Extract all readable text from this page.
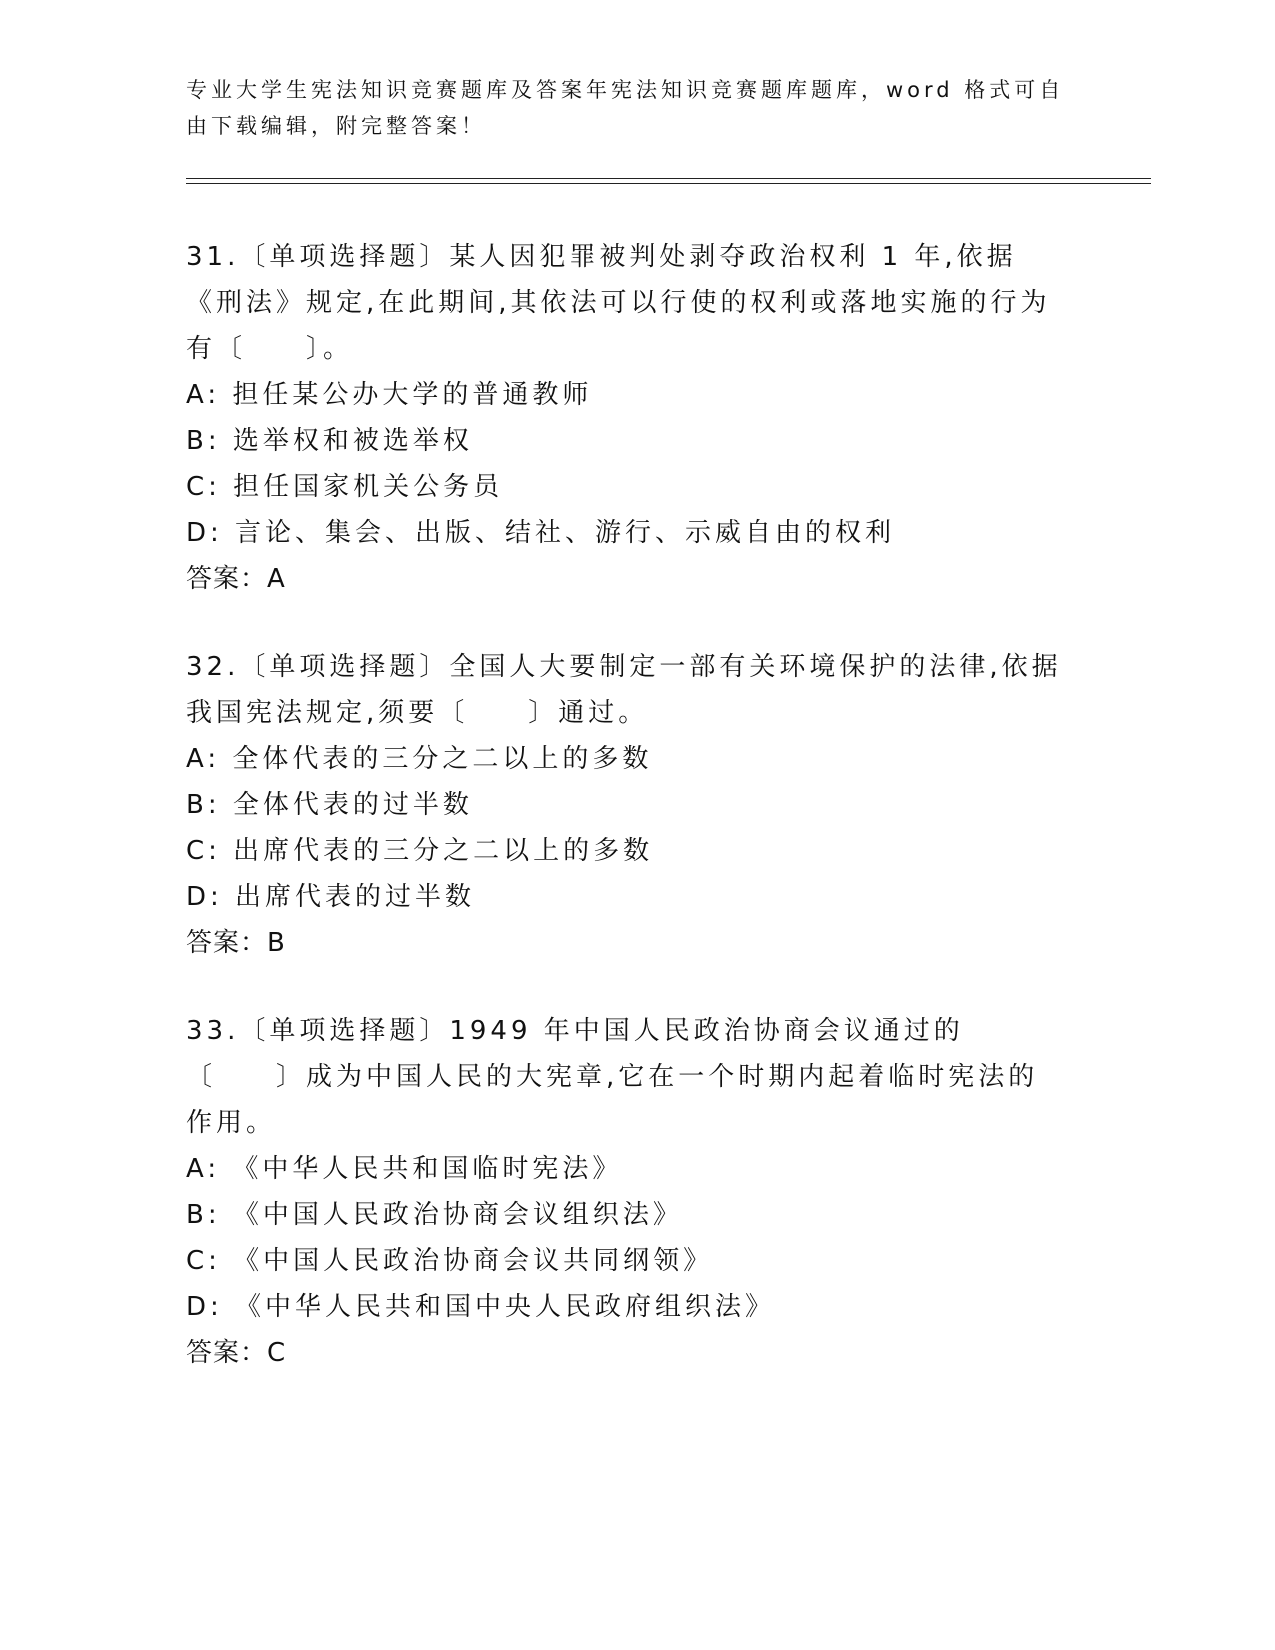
专业大学生宪法知识竞赛题库及答案年宪法知识竞赛题库题库，word 格式可自由下载编辑，附完整答案！

31.〔单项选择题〕某人因犯罪被判处剥夺政治权利 1 年,依据《刑法》规定,在此期间,其依法可以行使的权利或落地实施的行为有〔　　〕。

A: 担任某公办大学的普通教师

B: 选举权和被选举权

C: 担任国家机关公务员

D: 言论、集会、出版、结社、游行、示威自由的权利

答案：A

32.〔单项选择题〕全国人大要制定一部有关环境保护的法律,依据我国宪法规定,须要〔　　〕通过。

A: 全体代表的三分之二以上的多数

B: 全体代表的过半数

C: 出席代表的三分之二以上的多数

D: 出席代表的过半数

答案：B

33.〔单项选择题〕1949 年中国人民政治协商会议通过的〔　　〕成为中国人民的大宪章,它在一个时期内起着临时宪法的作用。

A: 《中华人民共和国临时宪法》

B: 《中国人民政治协商会议组织法》

C: 《中国人民政治协商会议共同纲领》

D: 《中华人民共和国中央人民政府组织法》

答案：C
